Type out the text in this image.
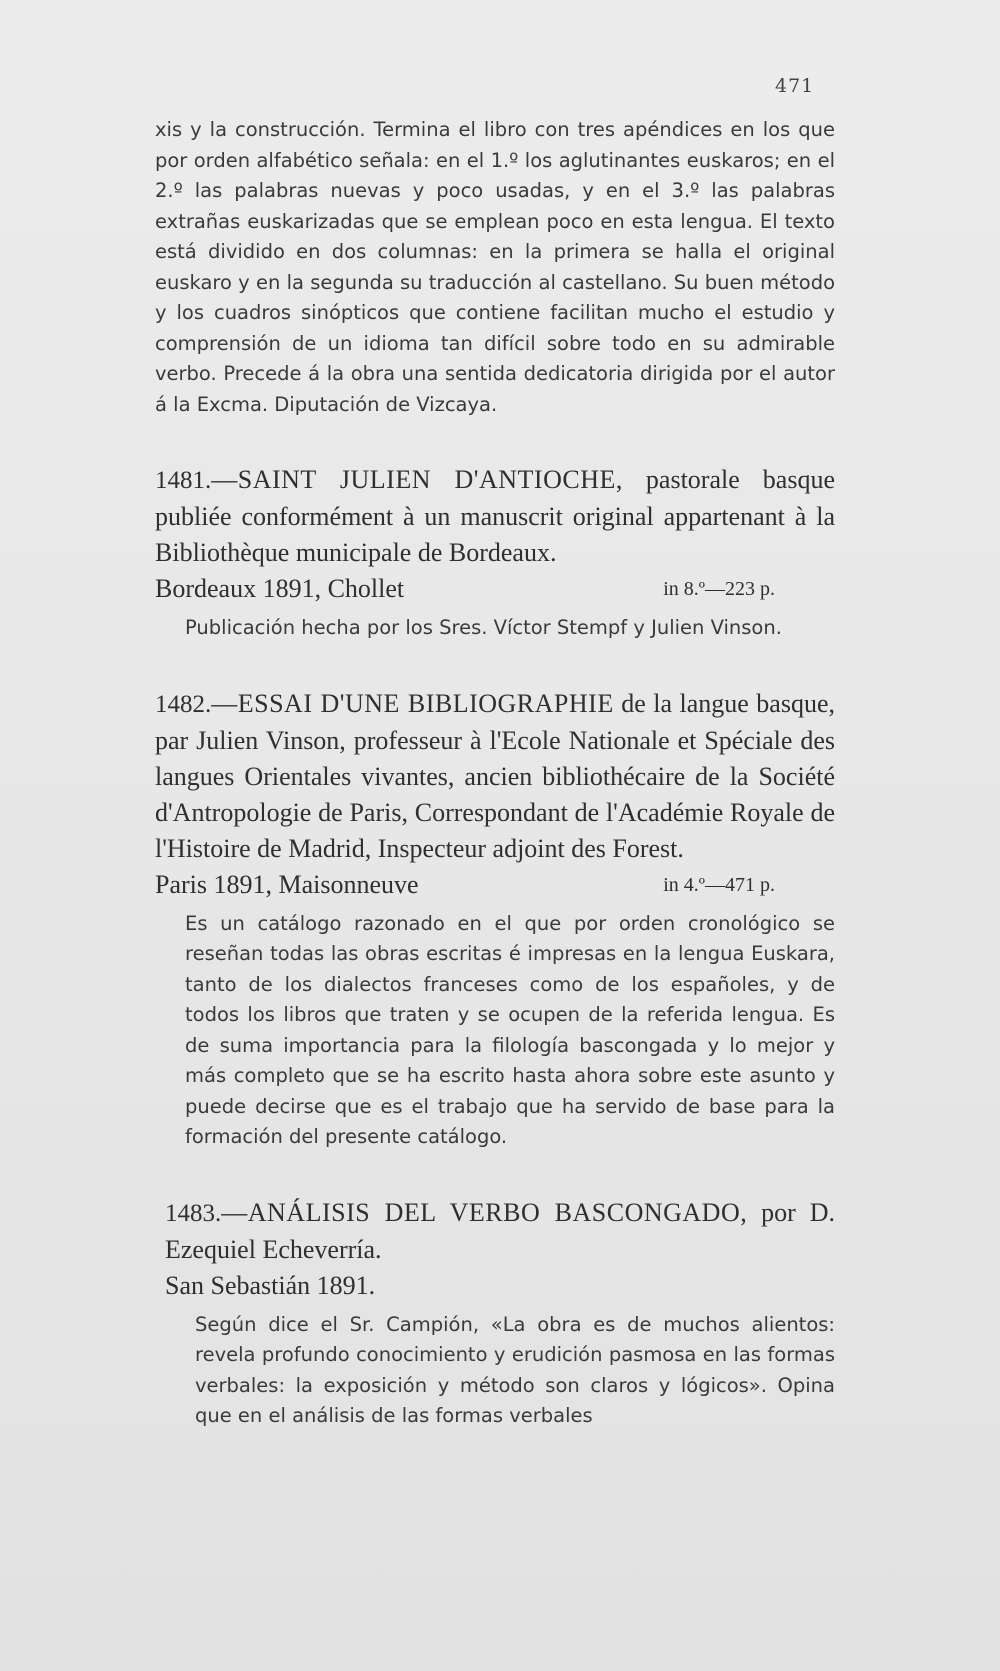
471

xis y la construcción. Termina el libro con tres apéndices en los que por orden alfabético señala: en el 1.º los aglutinantes euskaros; en el 2.º las palabras nuevas y poco usadas, y en el 3.º las palabras extrañas euskarizadas que se emplean poco en esta lengua. El texto está dividido en dos columnas: en la primera se halla el original euskaro y en la segunda su traducción al castellano. Su buen método y los cuadros sinópticos que contiene facilitan mucho el estudio y comprensión de un idioma tan difícil sobre todo en su admirable verbo. Precede á la obra una sentida dedicatoria dirigida por el autor á la Excma. Diputación de Vizcaya.

1481.—SAINT JULIEN D'ANTIOCHE, pastorale basque publiée conformément à un manuscrit original appartenant à la Bibliothèque municipale de Bordeaux.

Bordeaux 1891, Chollet	in 8.º—223 p.

Publicación hecha por los Sres. Víctor Stempf y Julien Vinson.

1482.—ESSAI D'UNE BIBLIOGRAPHIE de la langue basque, par Julien Vinson, professeur à l'Ecole Nationale et Spéciale des langues Orientales vivantes, ancien bibliothécaire de la Société d'Antropologie de Paris, Correspondant de l'Académie Royale de l'Histoire de Madrid, Inspecteur adjoint des Forest.

Paris 1891, Maisonneuve	in 4.º—471 p.

Es un catálogo razonado en el que por orden cronológico se reseñan todas las obras escritas é impresas en la lengua Euskara, tanto de los dialectos franceses como de los españoles, y de todos los libros que traten y se ocupen de la referida lengua. Es de suma importancia para la filología bascongada y lo mejor y más completo que se ha escrito hasta ahora sobre este asunto y puede decirse que es el trabajo que ha servido de base para la formación del presente catálogo.

1483.—ANÁLISIS DEL VERBO BASCONGADO, por D. Ezequiel Echeverría.

San Sebastián 1891.

Según dice el Sr. Campión, «La obra es de muchos alientos: revela profundo conocimiento y erudición pasmosa en las formas verbales: la exposición y método son claros y lógicos». Opina que en el análisis de las formas verbales
